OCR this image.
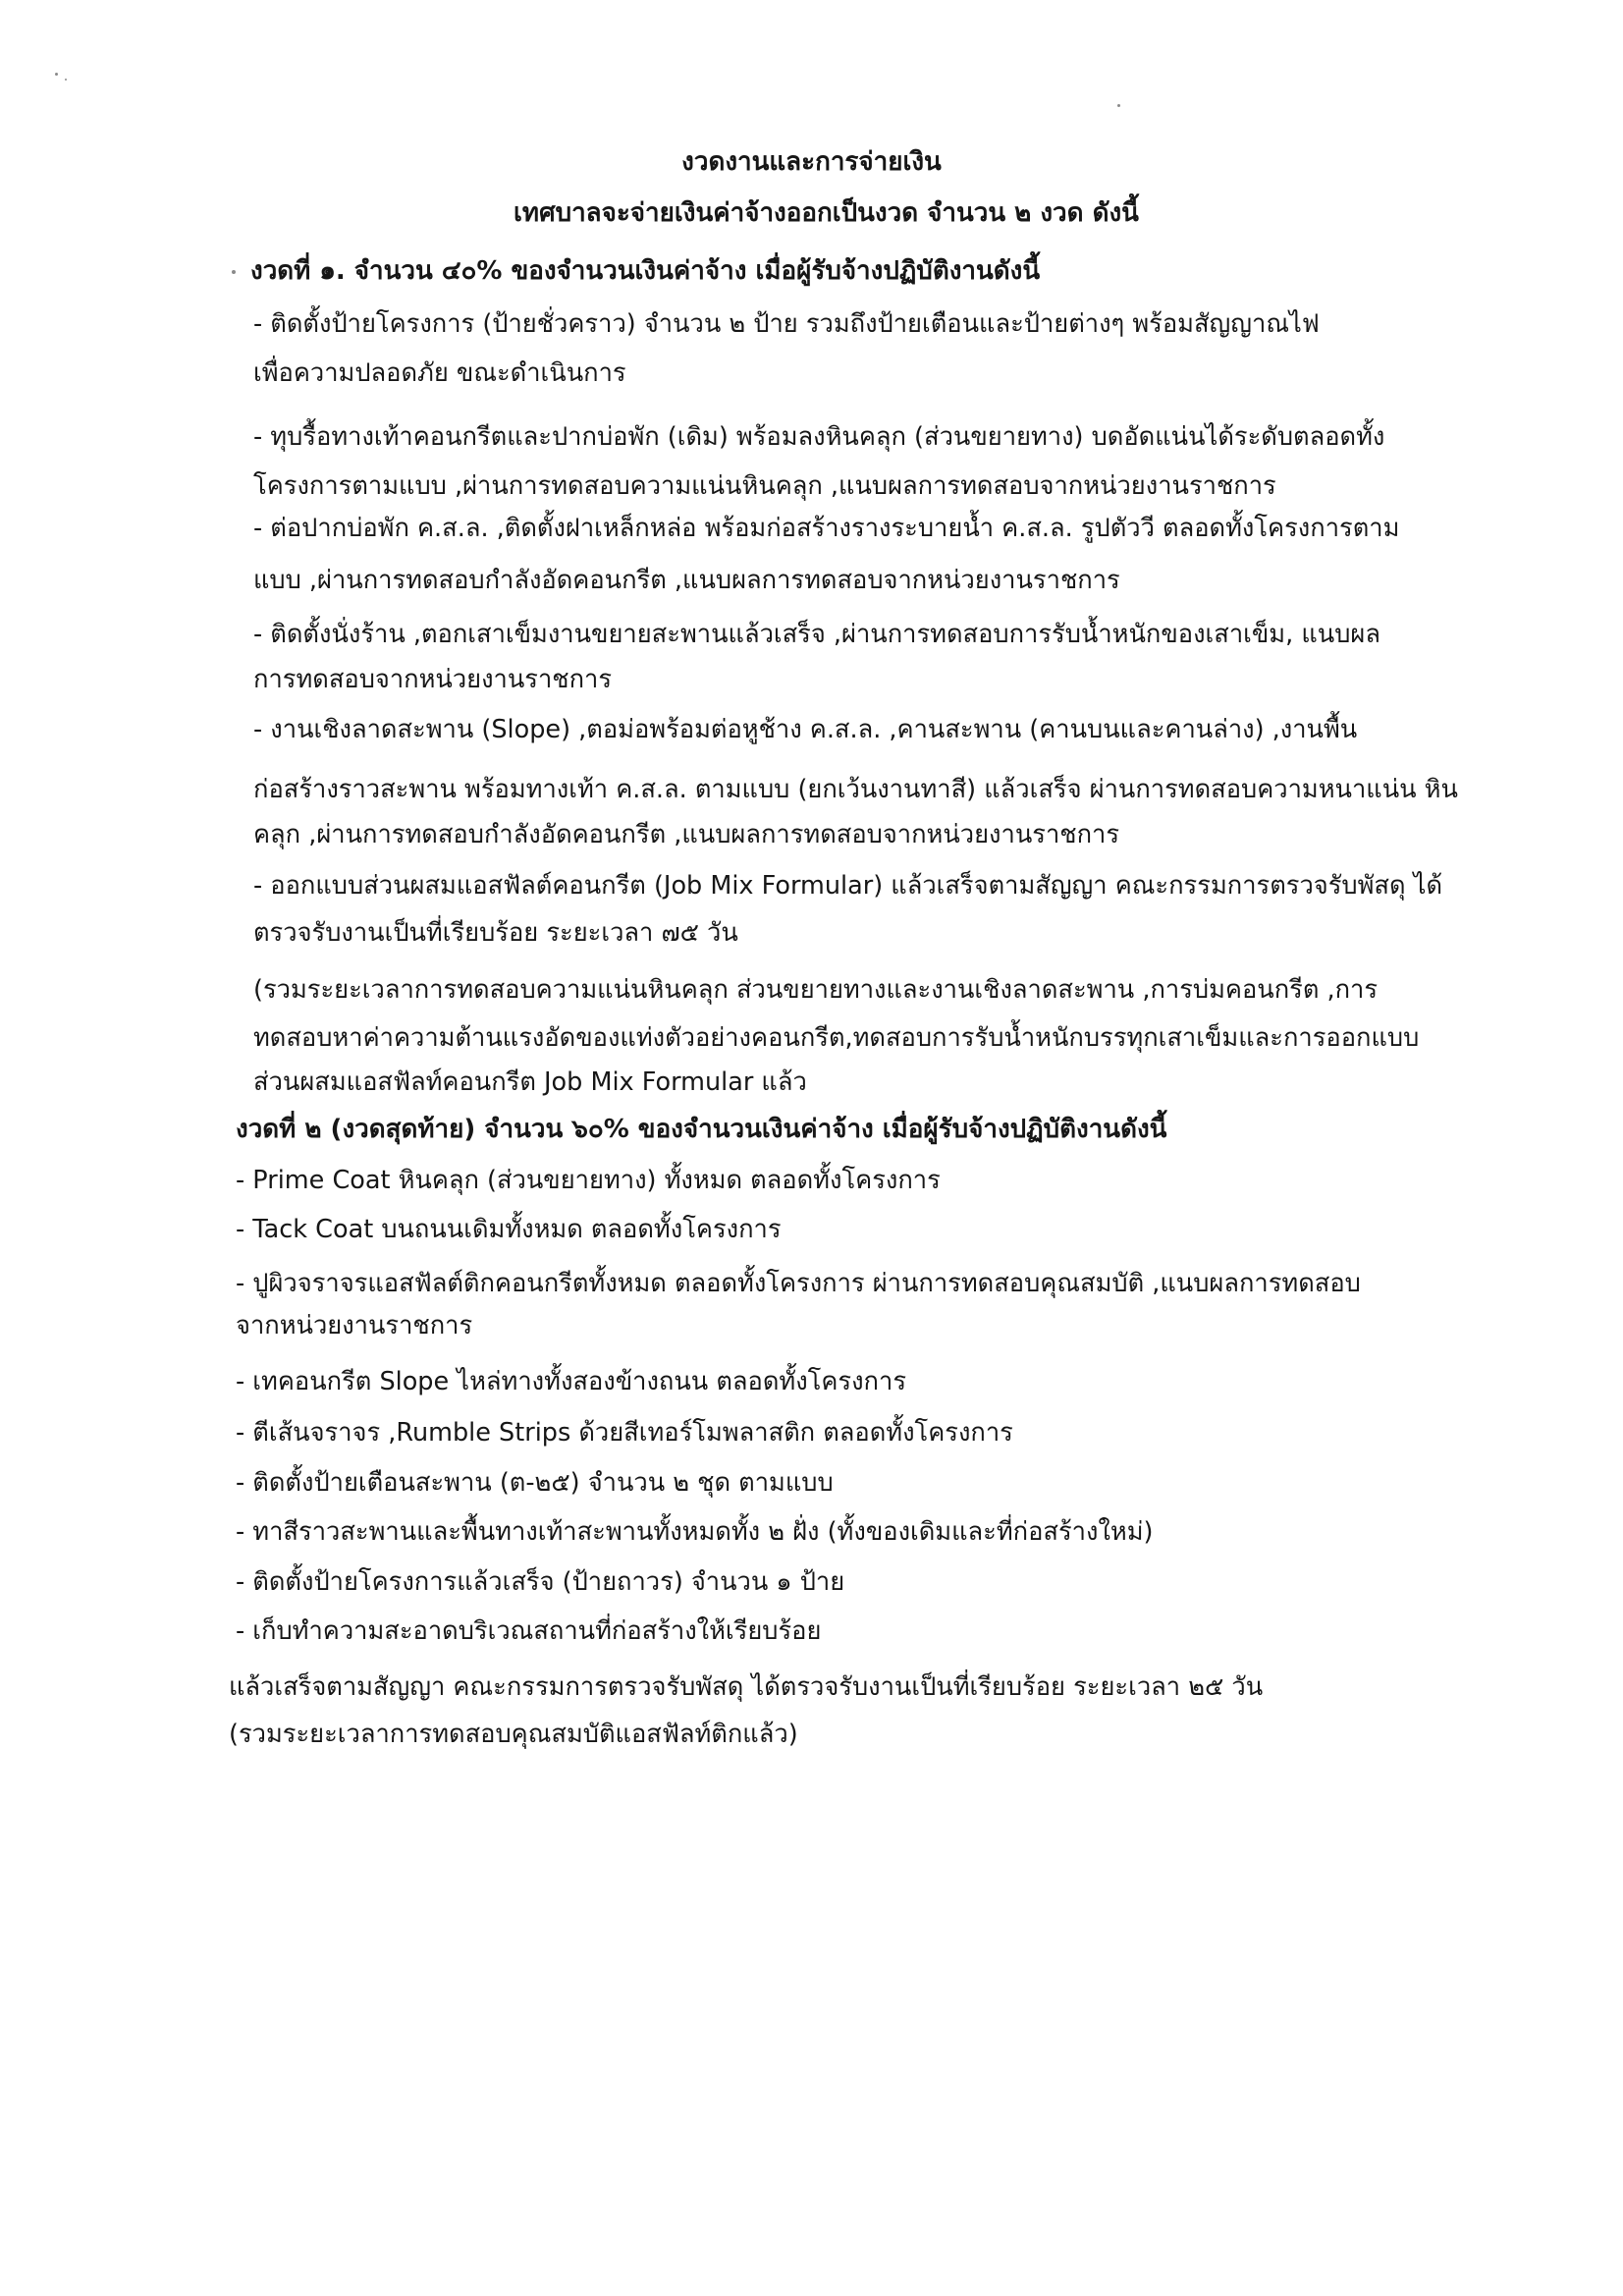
งวดงานและการจ่ายเงิน
เทศบาลจะจ่ายเงินค่าจ้างออกเป็นงวด จำนวน ๒ งวด ดังนี้
งวดที่ ๑. จำนวน ๔๐% ของจำนวนเงินค่าจ้าง เมื่อผู้รับจ้างปฏิบัติงานดังนี้
- ติดตั้งป้ายโครงการ (ป้ายชั่วคราว) จำนวน ๒ ป้าย รวมถึงป้ายเตือนและป้ายต่างๆ พร้อมสัญญาณไฟ
เพื่อความปลอดภัย ขณะดำเนินการ
- ทุบรื้อทางเท้าคอนกรีตและปากบ่อพัก (เดิม) พร้อมลงหินคลุก (ส่วนขยายทาง) บดอัดแน่นได้ระดับตลอดทั้ง
โครงการตามแบบ ,ผ่านการทดสอบความแน่นหินคลุก ,แนบผลการทดสอบจากหน่วยงานราชการ
- ต่อปากบ่อพัก ค.ส.ล. ,ติดตั้งฝาเหล็กหล่อ พร้อมก่อสร้างรางระบายน้ำ ค.ส.ล. รูปตัววี ตลอดทั้งโครงการตาม
แบบ ,ผ่านการทดสอบกำลังอัดคอนกรีต ,แนบผลการทดสอบจากหน่วยงานราชการ
- ติดตั้งนั่งร้าน ,ตอกเสาเข็มงานขยายสะพานแล้วเสร็จ ,ผ่านการทดสอบการรับน้ำหนักของเสาเข็ม, แนบผล
การทดสอบจากหน่วยงานราชการ
- งานเชิงลาดสะพาน (Slope) ,ตอม่อพร้อมต่อหูช้าง ค.ส.ล. ,คานสะพาน (คานบนและคานล่าง) ,งานพื้น
ก่อสร้างราวสะพาน พร้อมทางเท้า ค.ส.ล. ตามแบบ (ยกเว้นงานทาสี) แล้วเสร็จ ผ่านการทดสอบความหนาแน่น หิน
คลุก ,ผ่านการทดสอบกำลังอัดคอนกรีต ,แนบผลการทดสอบจากหน่วยงานราชการ
- ออกแบบส่วนผสมแอสฟัลต์คอนกรีต (Job Mix Formular) แล้วเสร็จตามสัญญา คณะกรรมการตรวจรับพัสดุ ได้
ตรวจรับงานเป็นที่เรียบร้อย ระยะเวลา ๗๕ วัน
(รวมระยะเวลาการทดสอบความแน่นหินคลุก ส่วนขยายทางและงานเชิงลาดสะพาน ,การบ่มคอนกรีต ,การ
ทดสอบหาค่าความต้านแรงอัดของแท่งตัวอย่างคอนกรีต,ทดสอบการรับน้ำหนักบรรทุกเสาเข็มและการออกแบบ
ส่วนผสมแอสฟัลท์คอนกรีต Job Mix Formular แล้ว
งวดที่ ๒ (งวดสุดท้าย) จำนวน ๖๐% ของจำนวนเงินค่าจ้าง เมื่อผู้รับจ้างปฏิบัติงานดังนี้
- Prime Coat หินคลุก (ส่วนขยายทาง) ทั้งหมด ตลอดทั้งโครงการ
- Tack Coat บนถนนเดิมทั้งหมด ตลอดทั้งโครงการ
- ปูผิวจราจรแอสฟัลต์ติกคอนกรีตทั้งหมด ตลอดทั้งโครงการ ผ่านการทดสอบคุณสมบัติ ,แนบผลการทดสอบ
จากหน่วยงานราชการ
- เทคอนกรีต Slope ไหล่ทางทั้งสองข้างถนน ตลอดทั้งโครงการ
- ตีเส้นจราจร ,Rumble Strips ด้วยสีเทอร์โมพลาสติก ตลอดทั้งโครงการ
- ติดตั้งป้ายเตือนสะพาน (ต-๒๕) จำนวน ๒ ชุด ตามแบบ
- ทาสีราวสะพานและพื้นทางเท้าสะพานทั้งหมดทั้ง ๒ ฝั่ง (ทั้งของเดิมและที่ก่อสร้างใหม่)
- ติดตั้งป้ายโครงการแล้วเสร็จ (ป้ายถาวร) จำนวน ๑ ป้าย
- เก็บทำความสะอาดบริเวณสถานที่ก่อสร้างให้เรียบร้อย
แล้วเสร็จตามสัญญา คณะกรรมการตรวจรับพัสดุ ได้ตรวจรับงานเป็นที่เรียบร้อย ระยะเวลา ๒๕ วัน
(รวมระยะเวลาการทดสอบคุณสมบัติแอสฟัลท์ติกแล้ว)
